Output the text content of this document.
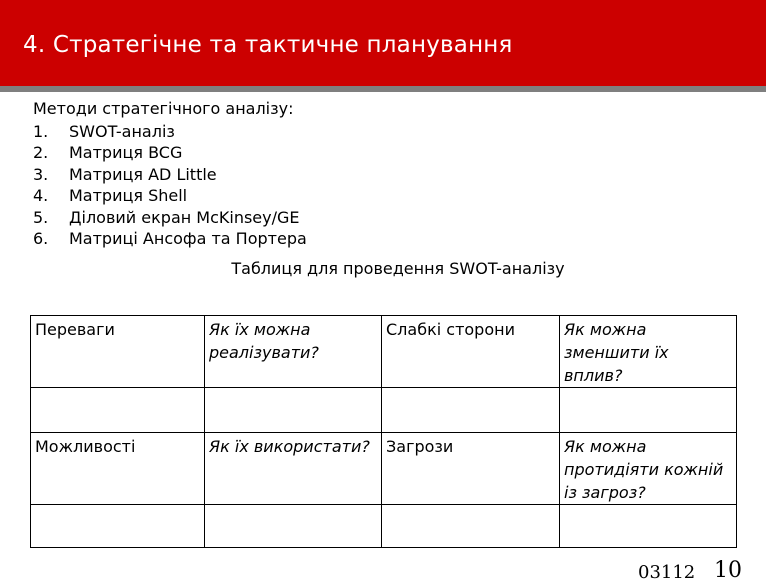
4. Стратегічне та тактичне планування
Методи стратегічного аналізу:
1.	SWOT-аналіз
2.	Матриця BCG
3.	Матриця AD Little
4.	Матриця Shell
5.	Діловий екран McKinsey/GE
6.	Матриці Ансофа та Портера
Таблиця для проведення SWOT-аналізу
Переваги	Як їх можна реалізувати?	Слабкі сторони	Як можна зменшити їх вплив?

Можливості	Як їх використати?	Загрози	Як можна протидіяти кожній із загроз?

03112 10
